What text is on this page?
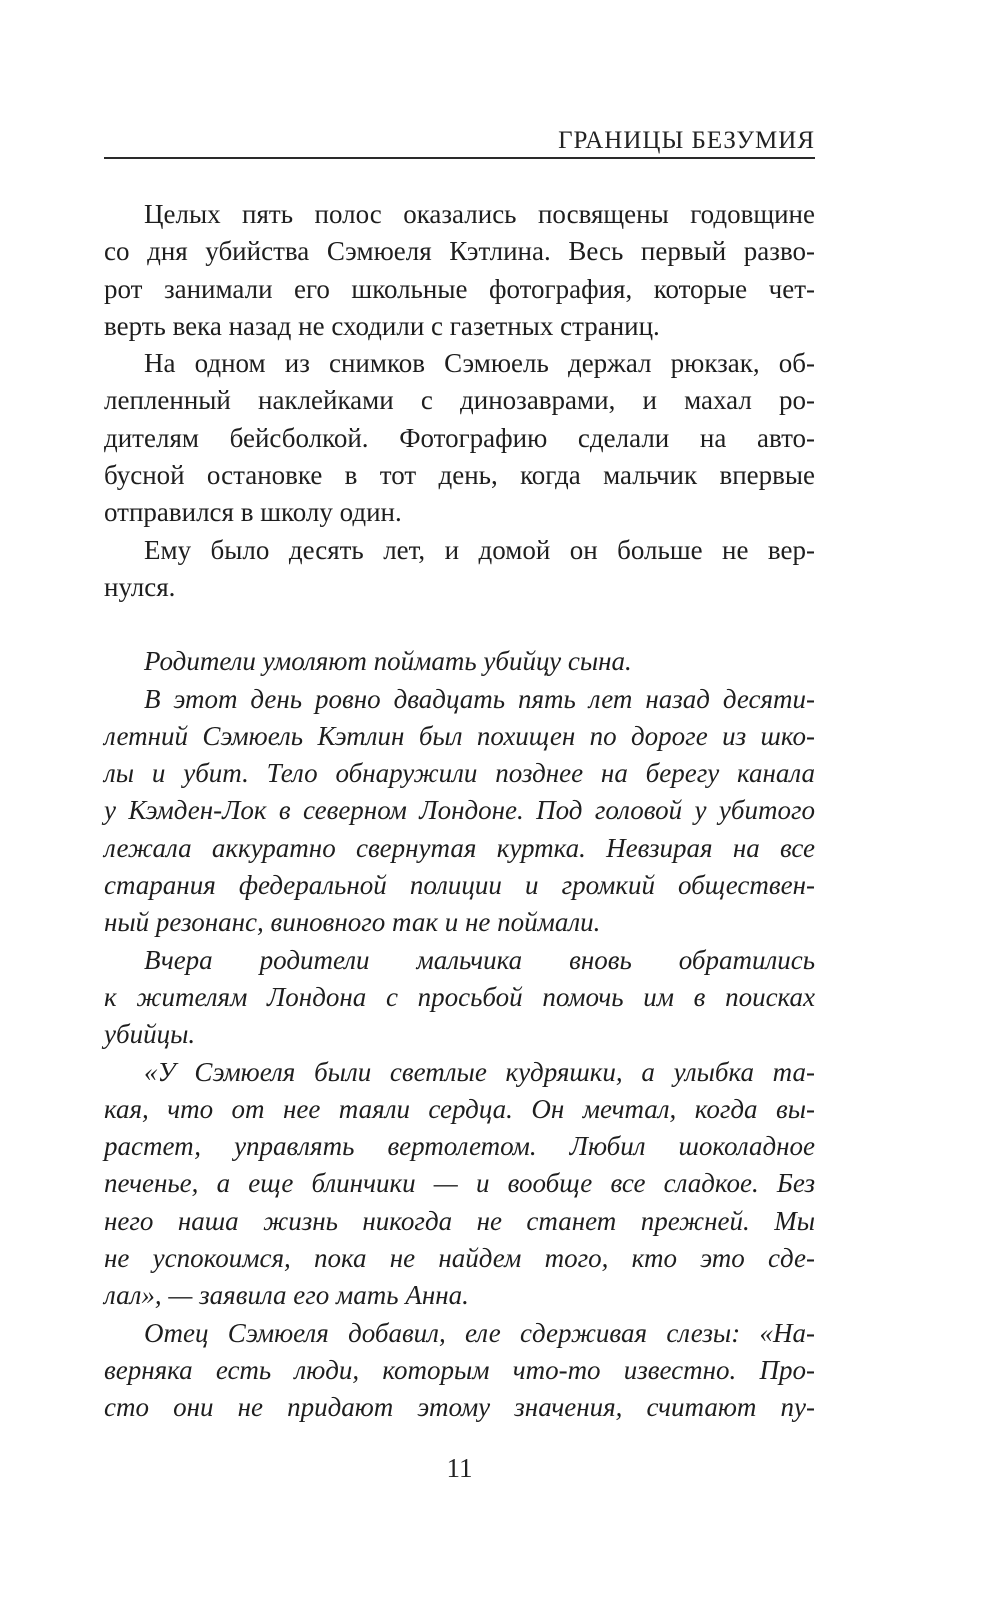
ГРАНИЦЫ БЕЗУМИЯ
Целых пять полос оказались посвящены годовщине
со дня убийства Сэмюеля Кэтлина. Весь первый разво-
рот занимали его школьные фотография, которые чет-
верть века назад не сходили с газетных страниц.
На одном из снимков Сэмюель держал рюкзак, об-
лепленный наклейками с динозаврами, и махал ро-
дителям бейсболкой. Фотографию сделали на авто-
бусной остановке в тот день, когда мальчик впервые
отправился в школу один.
Ему было десять лет, и домой он больше не вер-
нулся.
Родители умоляют поймать убийцу сына.
В этот день ровно двадцать пять лет назад десяти-
летний Сэмюель Кэтлин был похищен по дороге из шко-
лы и убит. Тело обнаружили позднее на берегу канала
у Кэмден-Лок в северном Лондоне. Под головой у убитого
лежала аккуратно свернутая куртка. Невзирая на все
старания федеральной полиции и громкий обществен-
ный резонанс, виновного так и не поймали.
Вчера родители мальчика вновь обратились
к жителям Лондона с просьбой помочь им в поисках
убийцы.
«У Сэмюеля были светлые кудряшки, а улыбка та-
кая, что от нее таяли сердца. Он мечтал, когда вы-
растет, управлять вертолетом. Любил шоколадное
печенье, а еще блинчики — и вообще все сладкое. Без
него наша жизнь никогда не станет прежней. Мы
не успокоимся, пока не найдем того, кто это сде-
лал», — заявила его мать Анна.
Отец Сэмюеля добавил, еле сдерживая слезы: «На-
верняка есть люди, которым что-то известно. Про-
сто они не придают этому значения, считают пу-
11
